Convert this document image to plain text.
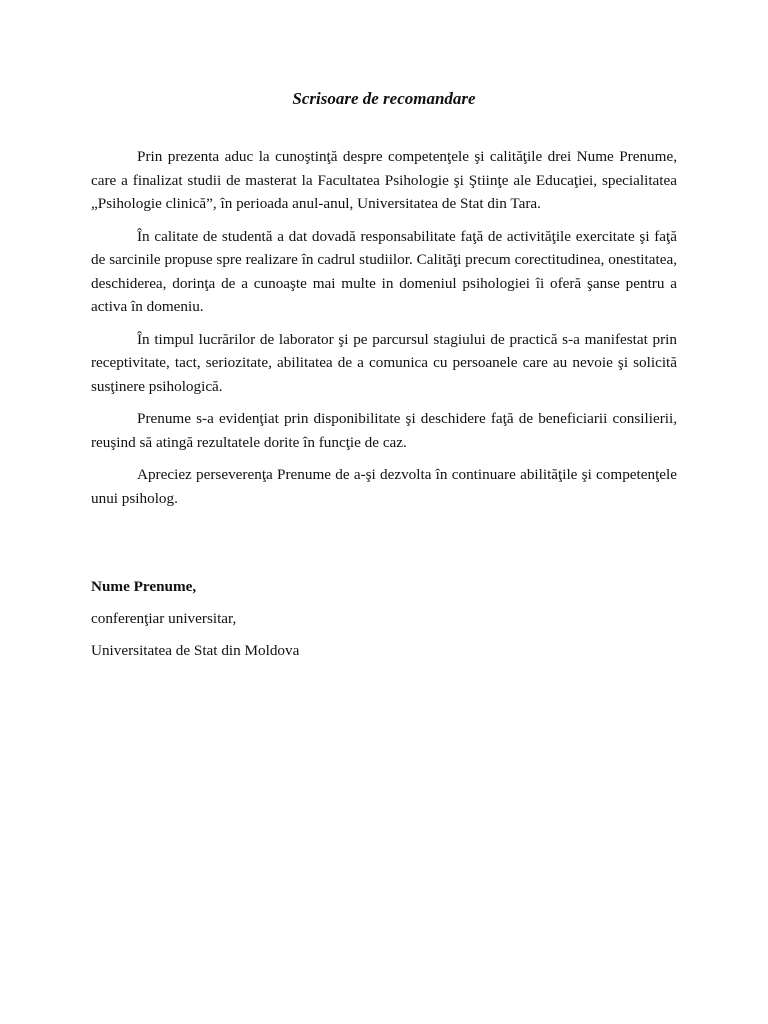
Scrisoare de recomandare

Prin prezenta aduc la cunoştinţă despre competenţele şi calităţile drei Nume Prenume, care a finalizat studii de masterat la Facultatea Psihologie şi Ştiinţe ale Educaţiei, specialitatea „Psihologie clinică”, în perioada anul-anul, Universitatea de Stat din Tara.

În calitate de studentă a dat dovadă responsabilitate faţă de activităţile exercitate şi faţă de sarcinile propuse spre realizare în cadrul studiilor. Calităţi precum corectitudinea, onestitatea, deschiderea, dorinţa de a cunoaşte mai multe in domeniul psihologiei îi oferă şanse pentru a activa în domeniu.

În timpul lucrărilor de laborator şi pe parcursul stagiului de practică s-a manifestat prin receptivitate, tact, seriozitate, abilitatea de a comunica cu persoanele care au nevoie şi solicită susţinere psihologică.

Prenume s-a evidenţiat prin disponibilitate şi deschidere faţă de beneficiarii consilierii, reuşind să atingă rezultatele dorite în funcţie de caz.

Apreciez perseverenţa Prenume de a-şi dezvolta în continuare abilităţile şi competenţele unui psiholog.

Nume Prenume,
conferenţiar universitar,
Universitatea de Stat din Moldova
